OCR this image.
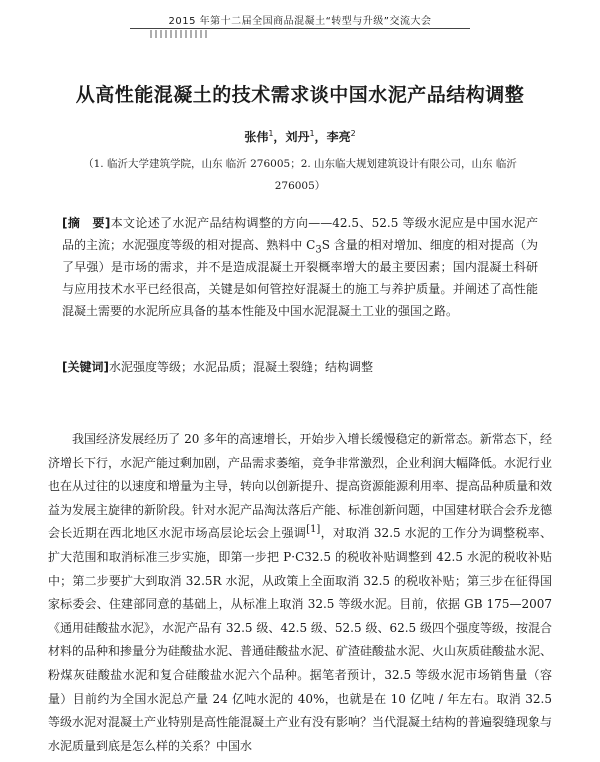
2015 年第十二届全国商品混凝土“转型与升级”交流大会
从高性能混凝土的技术需求谈中国水泥产品结构调整
张伟$^1$，刘丹$^1$，李亮$^2$
（1. 临沂大学建筑学院，山东 临沂 276005；2. 山东临大规划建筑设计有限公司，山东 临沂 276005）
[摘　要]本文论述了水泥产品结构调整的方向——42.5、52.5 等级水泥应是中国水泥产品的主流；水泥强度等级的相对提高、熟料中 $C_3S$ 含量的相对增加、细度的相对提高（为了早强）是市场的需求，并不是造成混凝土开裂概率增大的最主要因素；国内混凝土科研与应用技术水平已经很高，关键是如何管控好混凝土的施工与养护质量。并阐述了高性能混凝土需要的水泥所应具备的基本性能及中国水泥混凝土工业的强国之路。
[关键词]水泥强度等级；水泥品质；混凝土裂缝；结构调整
我国经济发展经历了 20 多年的高速增长，开始步入增长缓慢稳定的新常态。新常态下，经济增长下行，水泥产能过剩加剧，产品需求萎缩，竞争非常激烈，企业利润大幅降低。水泥行业也在从过往的以速度和增量为主导，转向以创新提升、提高资源能源利用率、提高品种质量和效益为发展主旋律的新阶段。针对水泥产品淘汰落后产能、标准创新问题，中国建材联合会乔龙德会长近期在西北地区水泥市场高层论坛会上强调[1]，对取消 32.5 水泥的工作分为调整税率、扩大范围和取消标准三步实施，即第一步把 P·C32.5 的税收补贴调整到 42.5 水泥的税收补贴中；第二步要扩大到取消 32.5R 水泥，从政策上全面取消 32.5 的税收补贴；第三步在征得国家标委会、住建部同意的基础上，从标准上取消 32.5 等级水泥。目前，依据 GB 175—2007《通用硅酸盐水泥》，水泥产品有 32.5 级、42.5 级、52.5 级、62.5 级四个强度等级，按混合材料的品种和掺量分为硅酸盐水泥、普通硅酸盐水泥、矿渣硅酸盐水泥、火山灰质硅酸盐水泥、粉煤灰硅酸盐水泥和复合硅酸盐水泥六个品种。据笔者预计，32.5 等级水泥市场销售量（容量）目前约为全国水泥总产量 24 亿吨水泥的 40%，也就是在 10 亿吨 / 年左右。取消 32.5 等级水泥对混凝土产业特别是高性能混凝土产业有没有影响？当代混凝土结构的普遍裂缝现象与水泥质量到底是怎么样的关系？中国水
